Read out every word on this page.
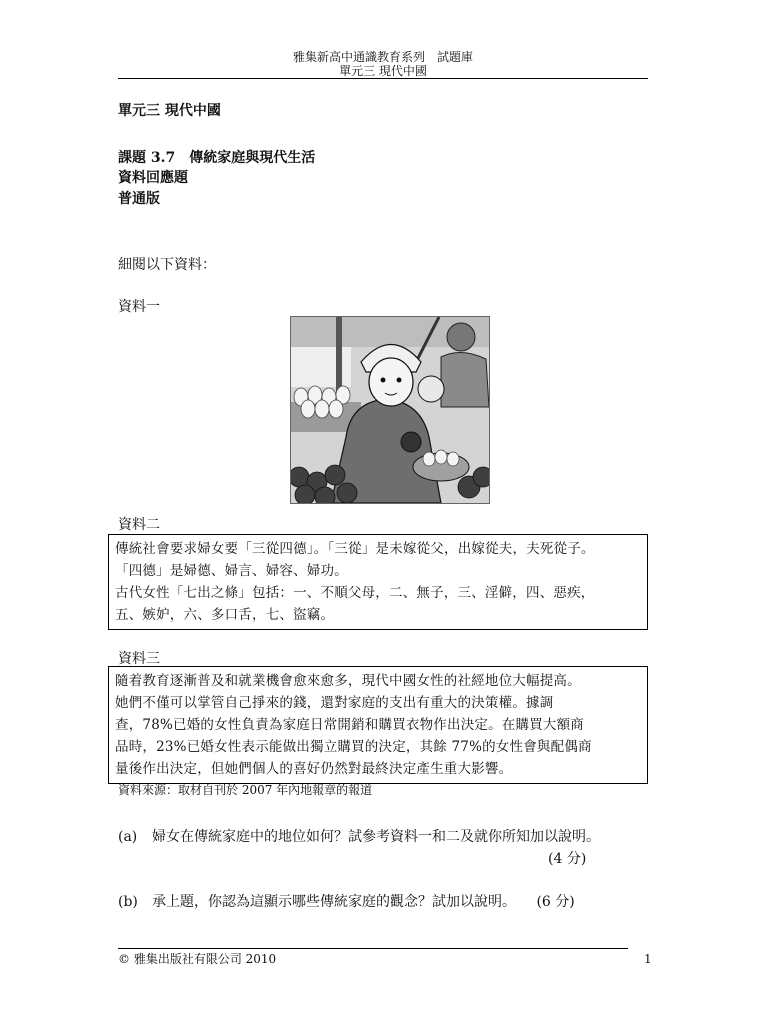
雅集新高中通識教育系列　試題庫
單元三 現代中國
單元三 現代中國
課題 3.7　傳統家庭與現代生活
資料回應題
普通版
細閱以下資料：
資料一
資料二
傳統社會要求婦女要「三從四德」。「三從」是未嫁從父，出嫁從夫，夫死從子。
「四德」是婦德、婦言、婦容、婦功。
古代女性「七出之條」包括：一、不順父母，二、無子，三、淫僻，四、惡疾，
五、嫉妒，六、多口舌，七、盜竊。
資料三
隨着教育逐漸普及和就業機會愈來愈多，現代中國女性的社經地位大幅提高。
她們不僅可以掌管自己掙來的錢，還對家庭的支出有重大的決策權。據調
查，78%已婚的女性負責為家庭日常開銷和購買衣物作出決定。在購買大額商
品時，23%已婚女性表示能做出獨立購買的決定，其餘 77%的女性會與配偶商
量後作出決定，但她們個人的喜好仍然對最終決定產生重大影響。
資料來源：取材自刊於 2007 年內地報章的報道
(a) 婦女在傳統家庭中的地位如何？試參考資料一和二及就你所知加以說明。
(4 分)
(b) 承上題，你認為這顯示哪些傳統家庭的觀念？試加以說明。 (6 分)
© 雅集出版社有限公司 2010	1
